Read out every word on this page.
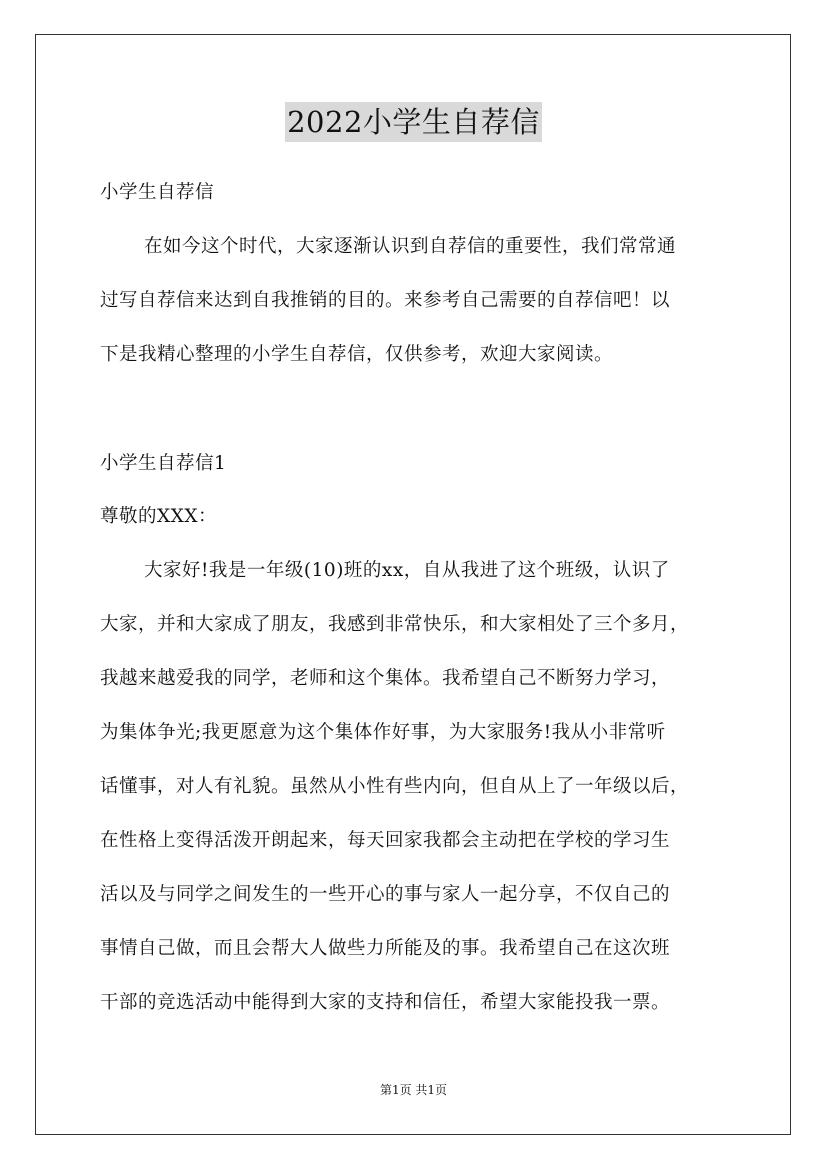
2022小学生自荐信
小学生自荐信
在如今这个时代，大家逐渐认识到自荐信的重要性，我们常常通
过写自荐信来达到自我推销的目的。来参考自己需要的自荐信吧！以
下是我精心整理的小学生自荐信，仅供参考，欢迎大家阅读。
小学生自荐信1
尊敬的XXX：
大家好!我是一年级(10)班的xx，自从我进了这个班级，认识了
大家，并和大家成了朋友，我感到非常快乐，和大家相处了三个多月，
我越来越爱我的同学，老师和这个集体。我希望自己不断努力学习，
为集体争光;我更愿意为这个集体作好事，为大家服务!我从小非常听
话懂事，对人有礼貌。虽然从小性有些内向，但自从上了一年级以后，
在性格上变得活泼开朗起来，每天回家我都会主动把在学校的学习生
活以及与同学之间发生的一些开心的事与家人一起分享，不仅自己的
事情自己做，而且会帮大人做些力所能及的事。我希望自己在这次班
干部的竞选活动中能得到大家的支持和信任，希望大家能投我一票。
第1页 共1页
